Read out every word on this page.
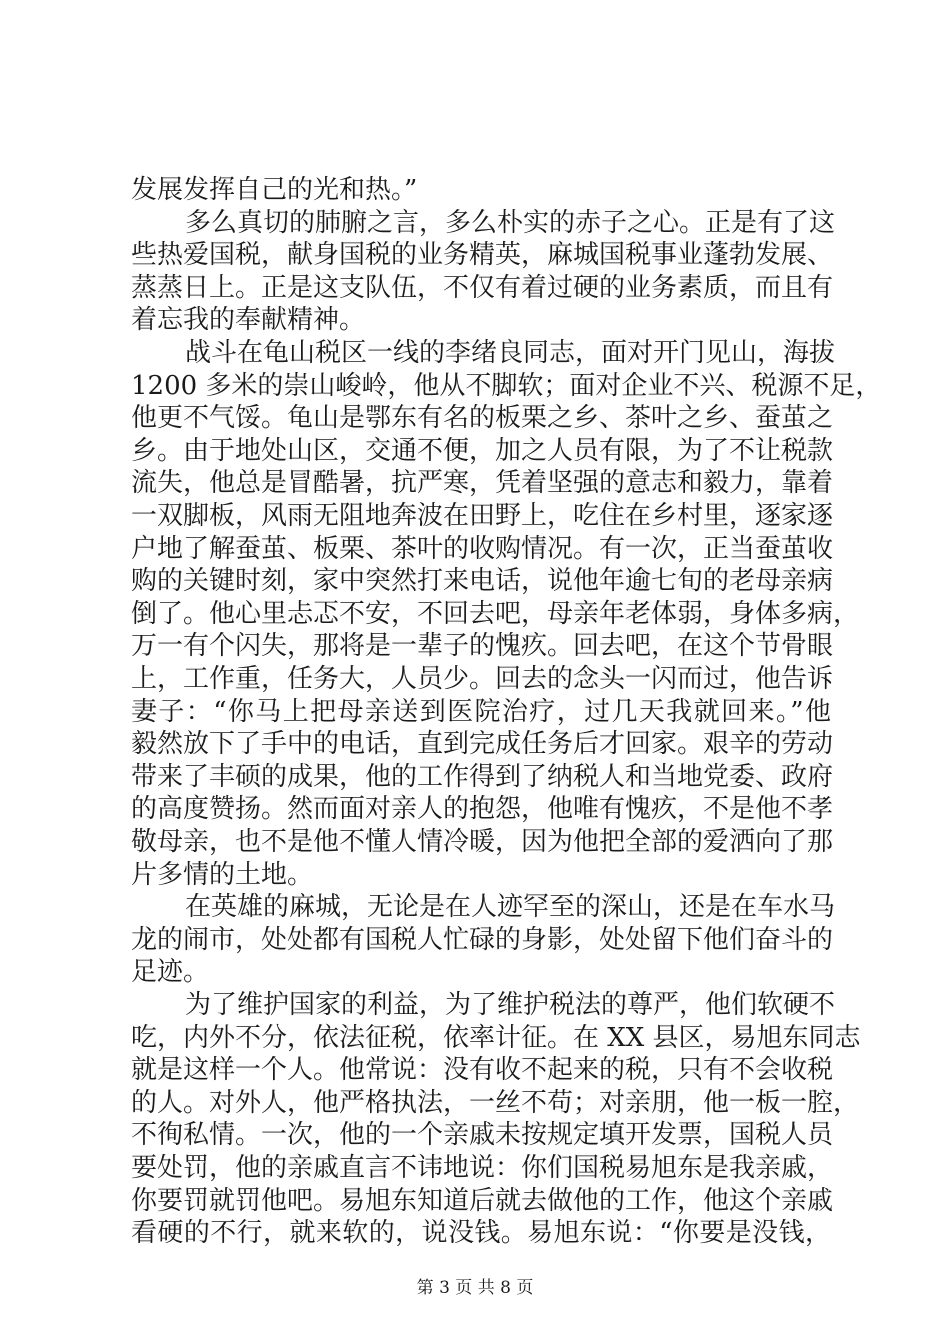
发展发挥自己的光和热。”
多么真切的肺腑之言，多么朴实的赤子之心。正是有了这
些热爱国税，献身国税的业务精英，麻城国税事业蓬勃发展、
蒸蒸日上。正是这支队伍，不仅有着过硬的业务素质，而且有
着忘我的奉献精神。
战斗在龟山税区一线的李绪良同志，面对开门见山，海拔
1200 多米的崇山峻岭，他从不脚软；面对企业不兴、税源不足，
他更不气馁。龟山是鄂东有名的板栗之乡、茶叶之乡、蚕茧之
乡。由于地处山区，交通不便，加之人员有限，为了不让税款
流失，他总是冒酷暑，抗严寒，凭着坚强的意志和毅力，靠着
一双脚板，风雨无阻地奔波在田野上，吃住在乡村里，逐家逐
户地了解蚕茧、板栗、茶叶的收购情况。有一次，正当蚕茧收
购的关键时刻，家中突然打来电话，说他年逾七旬的老母亲病
倒了。他心里忐忑不安，不回去吧，母亲年老体弱，身体多病，
万一有个闪失，那将是一辈子的愧疚。回去吧，在这个节骨眼
上，工作重，任务大，人员少。回去的念头一闪而过，他告诉
妻子：“你马上把母亲送到医院治疗，过几天我就回来。”他
毅然放下了手中的电话，直到完成任务后才回家。艰辛的劳动
带来了丰硕的成果，他的工作得到了纳税人和当地党委、政府
的高度赞扬。然而面对亲人的抱怨，他唯有愧疚，不是他不孝
敬母亲，也不是他不懂人情冷暖，因为他把全部的爱洒向了那
片多情的土地。
在英雄的麻城，无论是在人迹罕至的深山，还是在车水马
龙的闹市，处处都有国税人忙碌的身影，处处留下他们奋斗的
足迹。
为了维护国家的利益，为了维护税法的尊严，他们软硬不
吃，内外不分，依法征税，依率计征。在 XX 县区，易旭东同志
就是这样一个人。他常说：没有收不起来的税，只有不会收税
的人。对外人，他严格执法，一丝不苟；对亲朋，他一板一腔，
不徇私情。一次，他的一个亲戚未按规定填开发票，国税人员
要处罚，他的亲戚直言不讳地说：你们国税易旭东是我亲戚，
你要罚就罚他吧。易旭东知道后就去做他的工作，他这个亲戚
看硬的不行，就来软的，说没钱。易旭东说：“你要是没钱，
第 3 页 共 8 页
